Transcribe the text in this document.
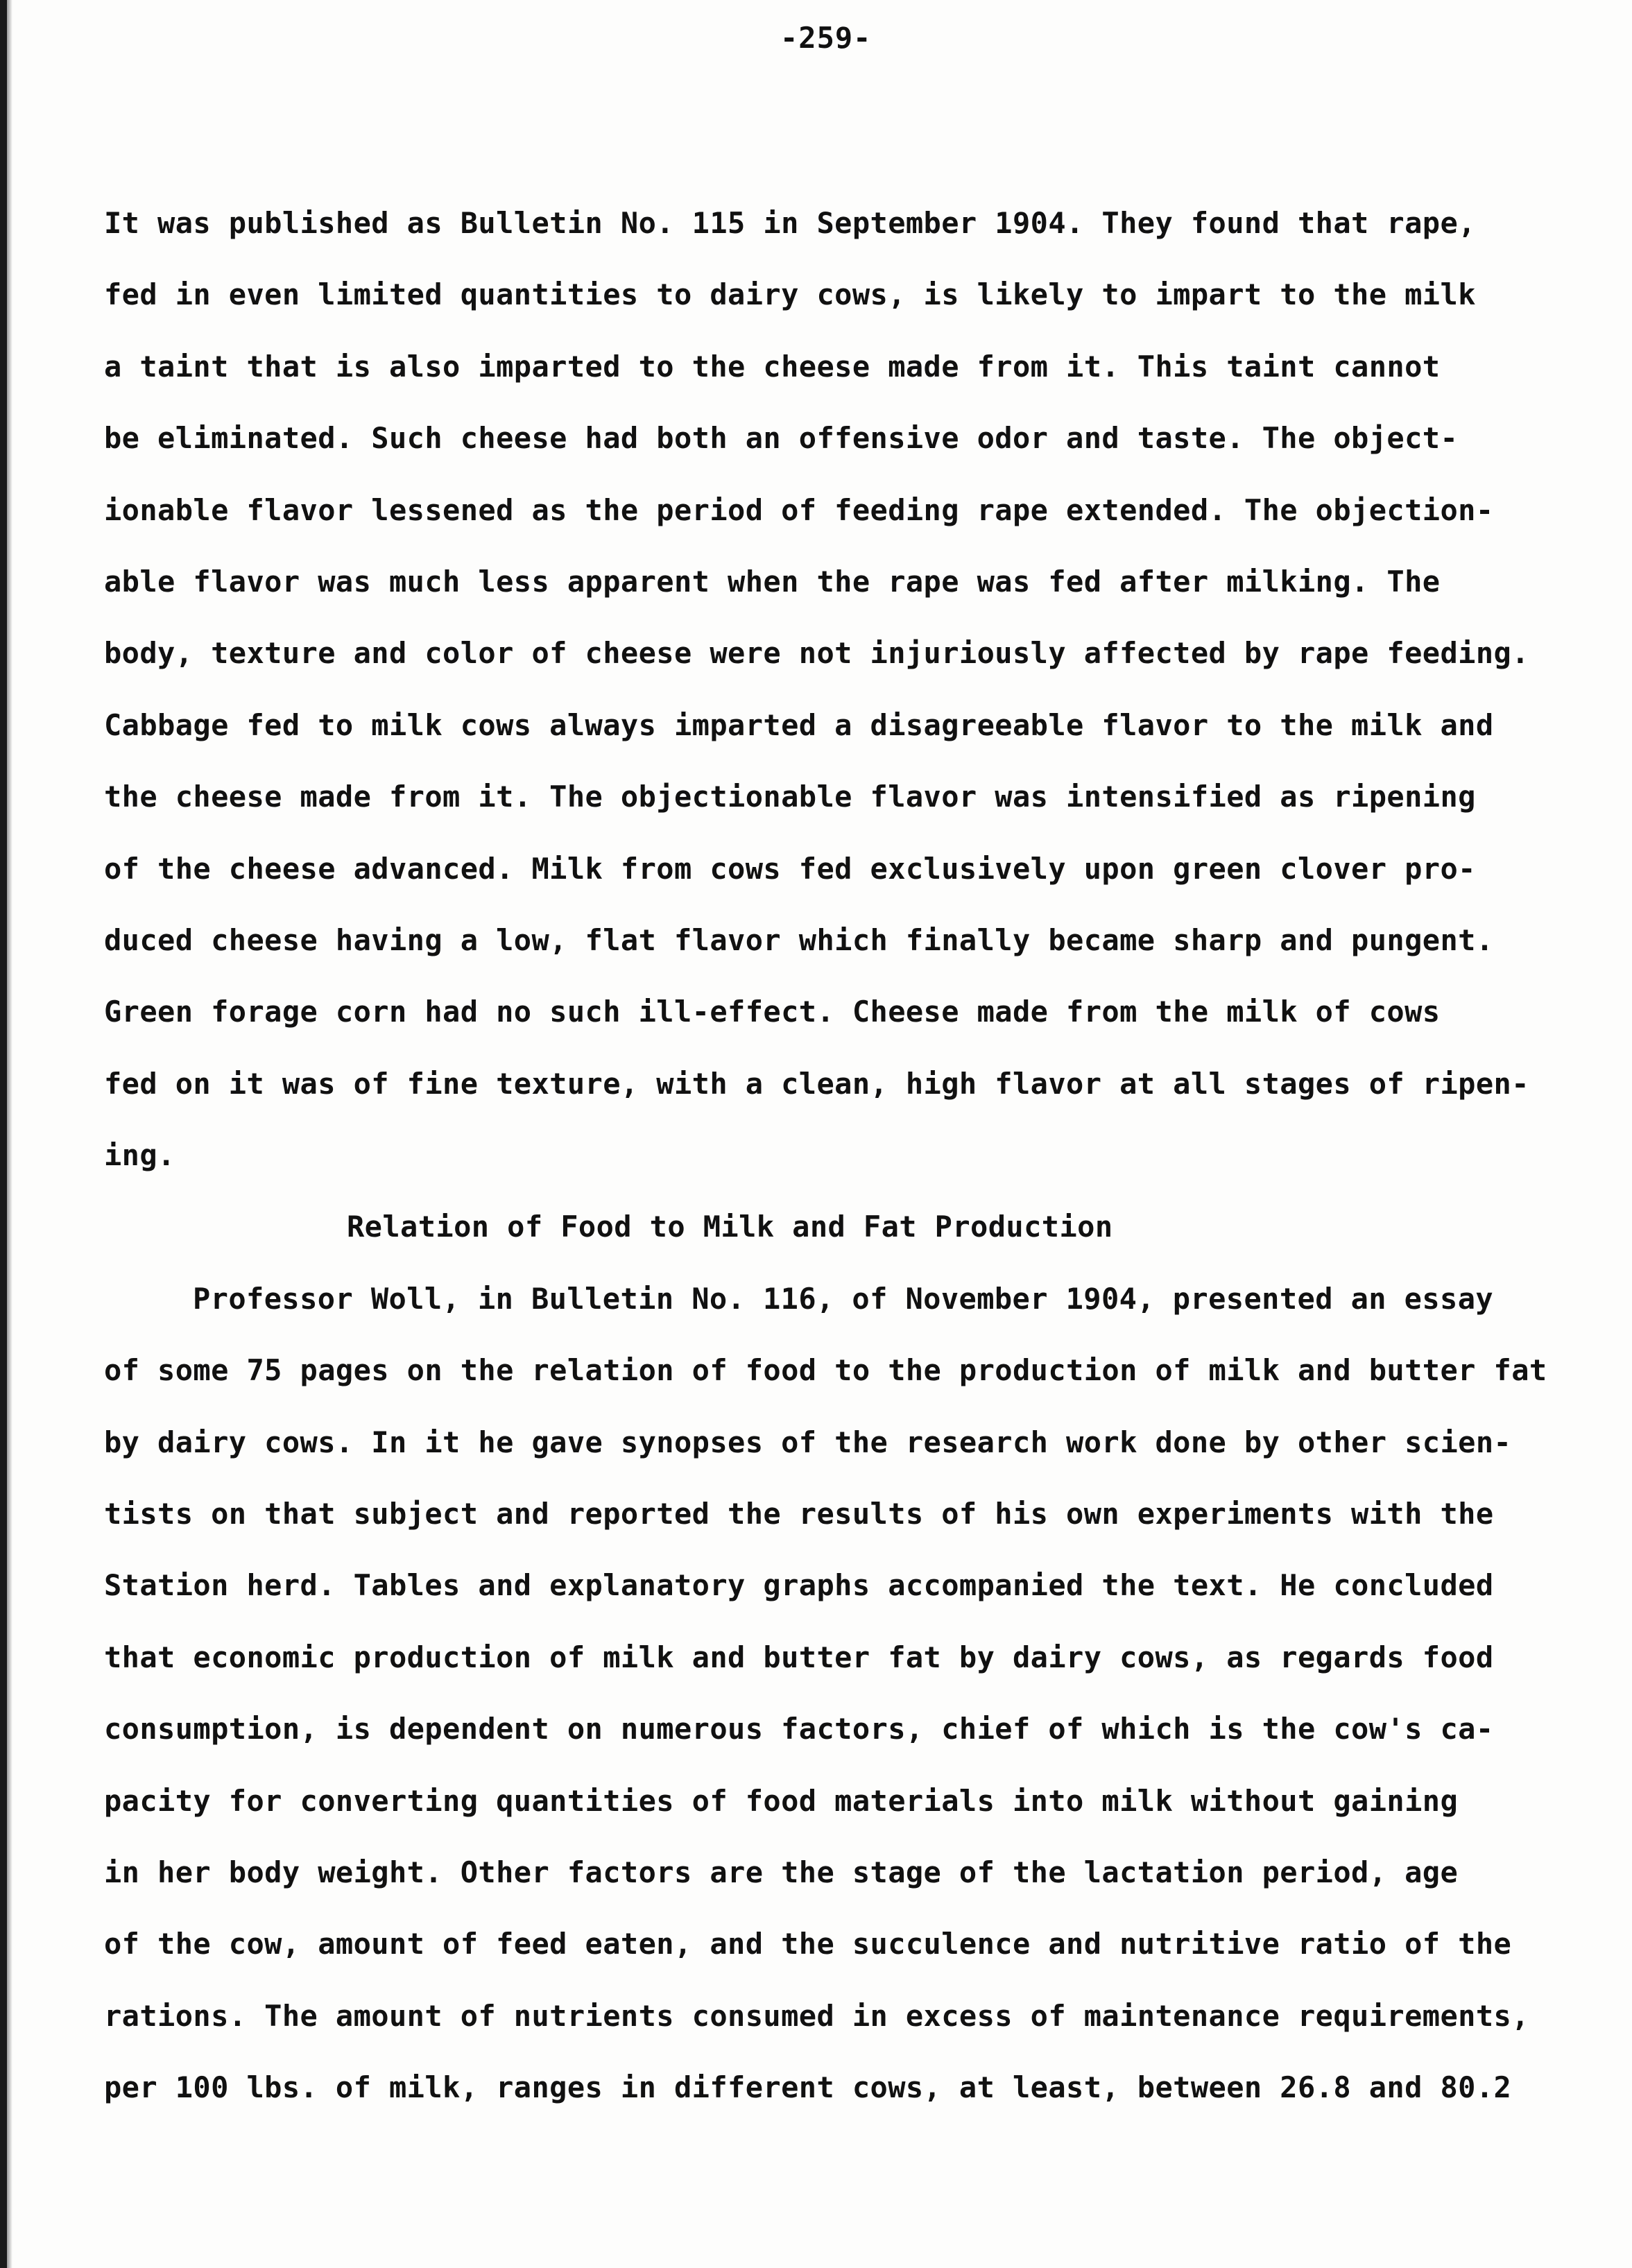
-259-
It was published as Bulletin No. 115 in September 1904. They found that rape,
fed in even limited quantities to dairy cows, is likely to impart to the milk
a taint that is also imparted to the cheese made from it. This taint cannot
be eliminated. Such cheese had both an offensive odor and taste. The object-
ionable flavor lessened as the period of feeding rape extended. The objection-
able flavor was much less apparent when the rape was fed after milking. The
body, texture and color of cheese were not injuriously affected by rape feeding.
Cabbage fed to milk cows always imparted a disagreeable flavor to the milk and
the cheese made from it. The objectionable flavor was intensified as ripening
of the cheese advanced. Milk from cows fed exclusively upon green clover pro-
duced cheese having a low, flat flavor which finally became sharp and pungent.
Green forage corn had no such ill-effect. Cheese made from the milk of cows
fed on it was of fine texture, with a clean, high flavor at all stages of ripen-
ing.
Relation of Food to Milk and Fat Production
Professor Woll, in Bulletin No. 116, of November 1904, presented an essay
of some 75 pages on the relation of food to the production of milk and butter fat
by dairy cows. In it he gave synopses of the research work done by other scien-
tists on that subject and reported the results of his own experiments with the
Station herd. Tables and explanatory graphs accompanied the text. He concluded
that economic production of milk and butter fat by dairy cows, as regards food
consumption, is dependent on numerous factors, chief of which is the cow's ca-
pacity for converting quantities of food materials into milk without gaining
in her body weight. Other factors are the stage of the lactation period, age
of the cow, amount of feed eaten, and the succulence and nutritive ratio of the
rations. The amount of nutrients consumed in excess of maintenance requirements,
per 100 lbs. of milk, ranges in different cows, at least, between 26.8 and 80.2
